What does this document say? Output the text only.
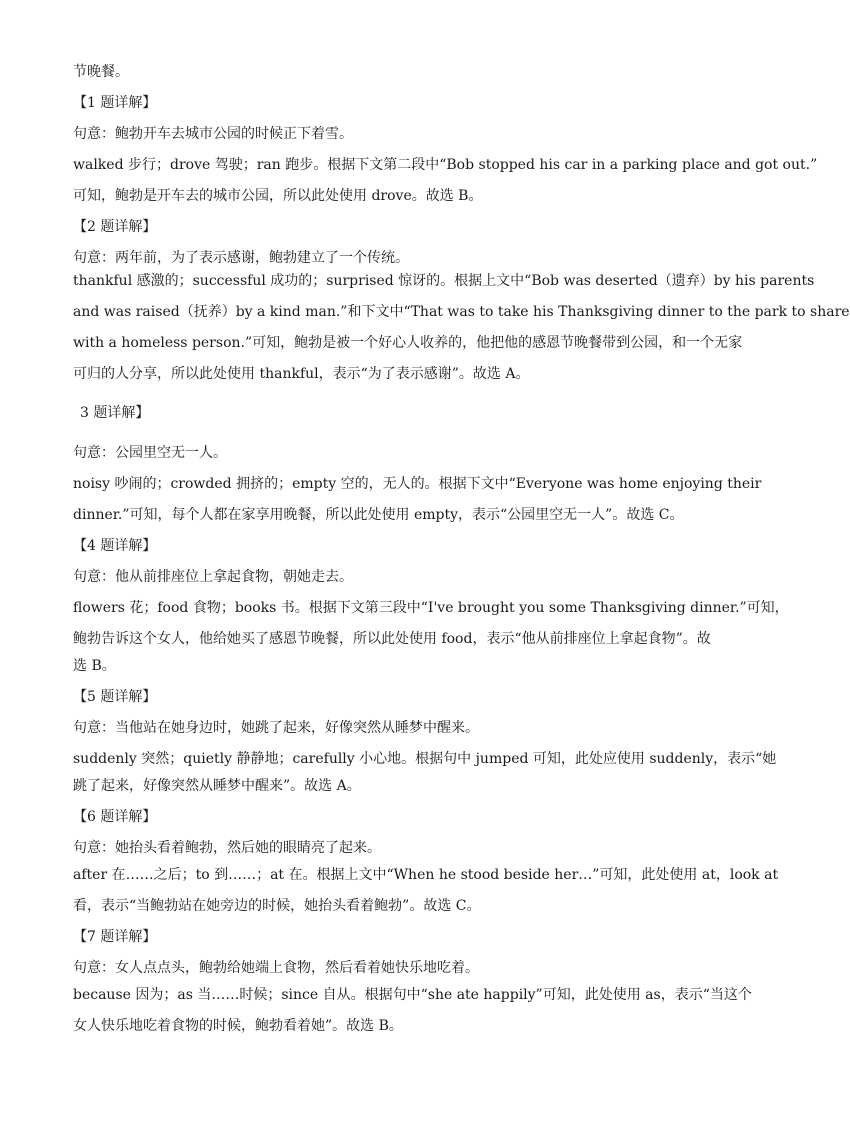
节晚餐。
【1 题详解】
句意：鲍勃开车去城市公园的时候正下着雪。
walked 步行；drove 驾驶；ran 跑步。根据下文第二段中“Bob stopped his car in a parking place and got out.”
可知，鲍勃是开车去的城市公园，所以此处使用 drove。故选 B。
【2 题详解】
句意：两年前，为了表示感谢，鲍勃建立了一个传统。
thankful 感激的；successful 成功的；surprised 惊讶的。根据上文中“Bob was deserted（遗弃）by his parents
and was raised（抚养）by a kind man.”和下文中“That was to take his Thanksgiving dinner to the park to share
with a homeless person.”可知，鲍勃是被一个好心人收养的，他把他的感恩节晚餐带到公园，和一个无家
可归的人分享，所以此处使用 thankful，表示“为了表示感谢”。故选 A。
3 题详解】
句意：公园里空无一人。
noisy 吵闹的；crowded 拥挤的；empty 空的，无人的。根据下文中“Everyone was home enjoying their
dinner.”可知，每个人都在家享用晚餐，所以此处使用 empty，表示“公园里空无一人”。故选 C。
【4 题详解】
句意：他从前排座位上拿起食物，朝她走去。
flowers 花；food 食物；books 书。根据下文第三段中“I've brought you some Thanksgiving dinner.”可知，
鲍勃告诉这个女人，他给她买了感恩节晚餐，所以此处使用 food，表示“他从前排座位上拿起食物”。故
选 B。
【5 题详解】
句意：当他站在她身边时，她跳了起来，好像突然从睡梦中醒来。
suddenly 突然；quietly 静静地；carefully 小心地。根据句中 jumped 可知，此处应使用 suddenly，表示“她
跳了起来，好像突然从睡梦中醒来”。故选 A。
【6 题详解】
句意：她抬头看着鲍勃，然后她的眼睛亮了起来。
after 在……之后；to 到……；at 在。根据上文中“When he stood beside her…”可知，此处使用 at，look at
看，表示“当鲍勃站在她旁边的时候，她抬头看着鲍勃”。故选 C。
【7 题详解】
句意：女人点点头，鲍勃给她端上食物，然后看着她快乐地吃着。
because 因为；as 当……时候；since 自从。根据句中“she ate happily”可知，此处使用 as，表示“当这个
女人快乐地吃着食物的时候，鲍勃看着她”。故选 B。
